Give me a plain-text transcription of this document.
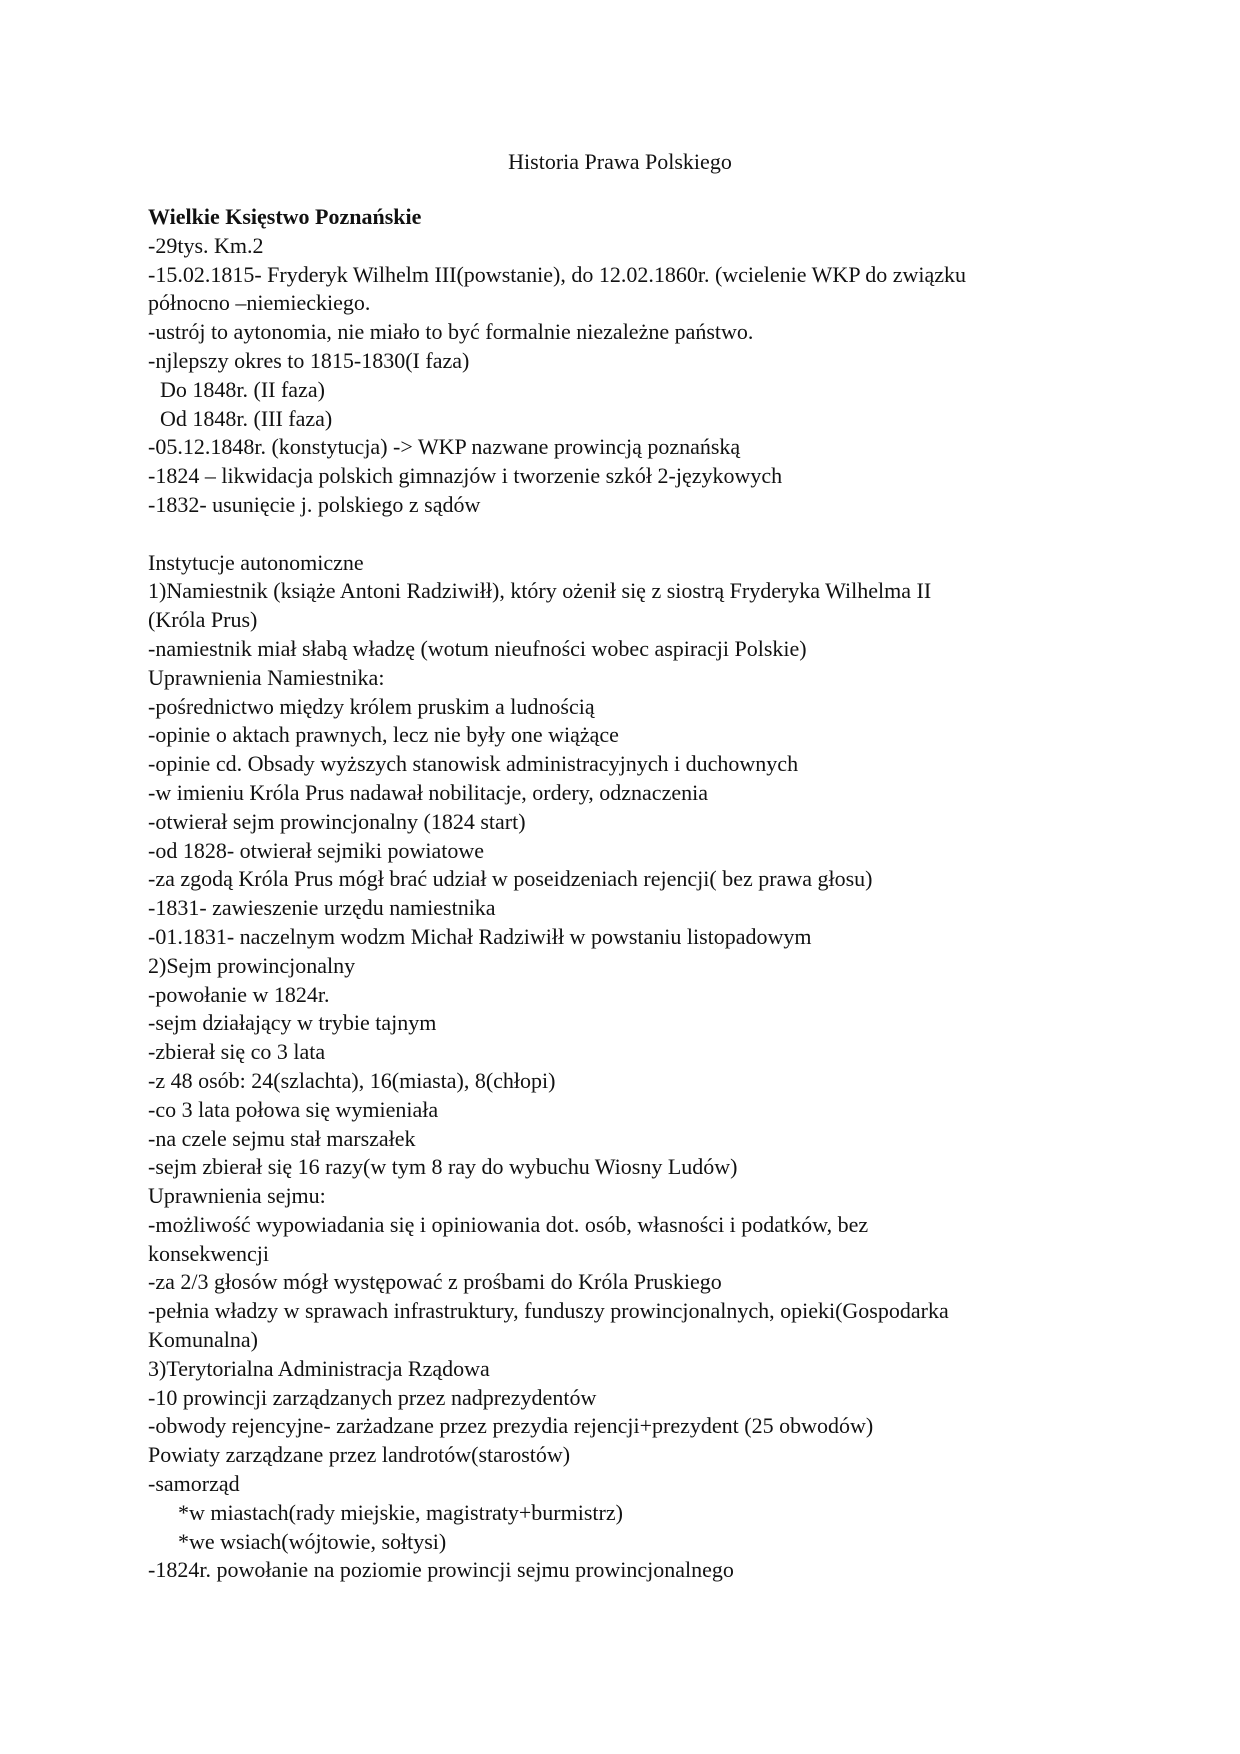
Historia Prawa Polskiego
Wielkie Księstwo Poznańskie
-29tys. Km.2
-15.02.1815- Fryderyk Wilhelm III(powstanie), do 12.02.1860r. (wcielenie WKP do związku
północno –niemieckiego.
-ustrój to aytonomia, nie miało to być formalnie niezależne państwo.
-njlepszy okres to 1815-1830(I faza)
Do 1848r. (II faza)
Od 1848r. (III faza)
-05.12.1848r. (konstytucja) -> WKP nazwane prowincją poznańską
-1824 – likwidacja polskich gimnazjów i tworzenie szkół 2-językowych
-1832- usunięcie j. polskiego z sądów
Instytucje autonomiczne
1)Namiestnik (książe Antoni Radziwiłł), który ożenił się z siostrą Fryderyka Wilhelma II
(Króla Prus)
-namiestnik miał słabą władzę (wotum nieufności wobec aspiracji Polskie)
Uprawnienia Namiestnika:
-pośrednictwo między królem pruskim a ludnością
-opinie o aktach prawnych, lecz nie były one wiążące
-opinie cd. Obsady wyższych stanowisk administracyjnych i duchownych
-w imieniu Króla Prus nadawał nobilitacje, ordery, odznaczenia
-otwierał sejm prowincjonalny (1824 start)
-od 1828- otwierał sejmiki powiatowe
-za zgodą Króla Prus mógł brać udział w poseidzeniach rejencji( bez prawa głosu)
-1831- zawieszenie urzędu namiestnika
-01.1831- naczelnym wodzm Michał Radziwiłł w powstaniu listopadowym
2)Sejm prowincjonalny
-powołanie w 1824r.
-sejm działający w trybie tajnym
-zbierał się co 3 lata
-z 48 osób: 24(szlachta), 16(miasta), 8(chłopi)
-co 3 lata połowa się wymieniała
-na czele sejmu stał marszałek
-sejm zbierał się 16 razy(w tym 8 ray do wybuchu Wiosny Ludów)
Uprawnienia sejmu:
-możliwość wypowiadania się i opiniowania dot. osób, własności i podatków, bez
konsekwencji
-za 2/3 głosów mógł występować z prośbami do Króla Pruskiego
-pełnia władzy w sprawach infrastruktury, funduszy prowincjonalnych, opieki(Gospodarka
Komunalna)
3)Terytorialna Administracja Rządowa
-10 prowincji zarządzanych przez nadprezydentów
-obwody rejencyjne- zarżadzane przez prezydia rejencji+prezydent (25 obwodów)
Powiaty zarządzane przez landrotów(starostów)
-samorząd
*w miastach(rady miejskie, magistraty+burmistrz)
*we wsiach(wójtowie, sołtysi)
-1824r. powołanie na poziomie prowincji sejmu prowincjonalnego
